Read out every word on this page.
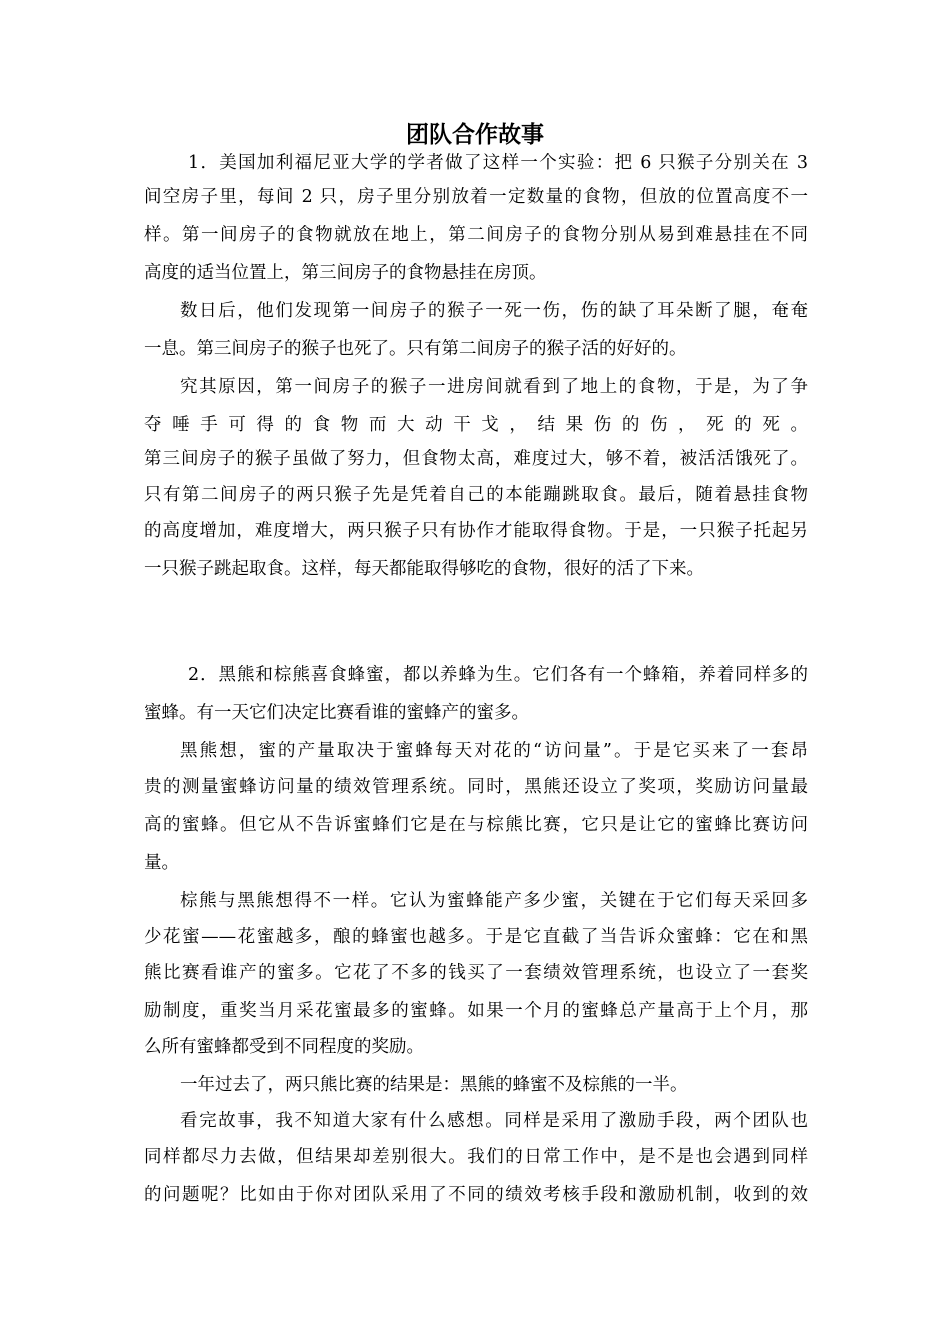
团队合作故事
1．美国加利福尼亚大学的学者做了这样一个实验：把 6 只猴子分别关在 3
间空房子里，每间 2 只，房子里分别放着一定数量的食物，但放的位置高度不一
样。第一间房子的食物就放在地上，第二间房子的食物分别从易到难悬挂在不同
高度的适当位置上，第三间房子的食物悬挂在房顶。
数日后，他们发现第一间房子的猴子一死一伤，伤的缺了耳朵断了腿，奄奄
一息。第三间房子的猴子也死了。只有第二间房子的猴子活的好好的。
究其原因，第一间房子的猴子一进房间就看到了地上的食物，于是，为了争
夺 唾 手 可 得 的 食 物 而 大 动 干 戈 ， 结 果 伤 的 伤 ， 死 的 死 。
第三间房子的猴子虽做了努力，但食物太高，难度过大，够不着，被活活饿死了。
只有第二间房子的两只猴子先是凭着自己的本能蹦跳取食。最后，随着悬挂食物
的高度增加，难度增大，两只猴子只有协作才能取得食物。于是，一只猴子托起另
一只猴子跳起取食。这样，每天都能取得够吃的食物，很好的活了下来。
2．黑熊和棕熊喜食蜂蜜，都以养蜂为生。它们各有一个蜂箱，养着同样多的
蜜蜂。有一天它们决定比赛看谁的蜜蜂产的蜜多。
黑熊想，蜜的产量取决于蜜蜂每天对花的“访问量”。于是它买来了一套昂
贵的测量蜜蜂访问量的绩效管理系统。同时，黑熊还设立了奖项，奖励访问量最
高的蜜蜂。但它从不告诉蜜蜂们它是在与棕熊比赛，它只是让它的蜜蜂比赛访问
量。
棕熊与黑熊想得不一样。它认为蜜蜂能产多少蜜，关键在于它们每天采回多
少花蜜——花蜜越多，酿的蜂蜜也越多。于是它直截了当告诉众蜜蜂：它在和黑
熊比赛看谁产的蜜多。它花了不多的钱买了一套绩效管理系统，也设立了一套奖
励制度，重奖当月采花蜜最多的蜜蜂。如果一个月的蜜蜂总产量高于上个月，那
么所有蜜蜂都受到不同程度的奖励。
一年过去了，两只熊比赛的结果是：黑熊的蜂蜜不及棕熊的一半。
看完故事，我不知道大家有什么感想。同样是采用了激励手段，两个团队也
同样都尽力去做，但结果却差别很大。我们的日常工作中，是不是也会遇到同样
的问题呢？比如由于你对团队采用了不同的绩效考核手段和激励机制，收到的效
